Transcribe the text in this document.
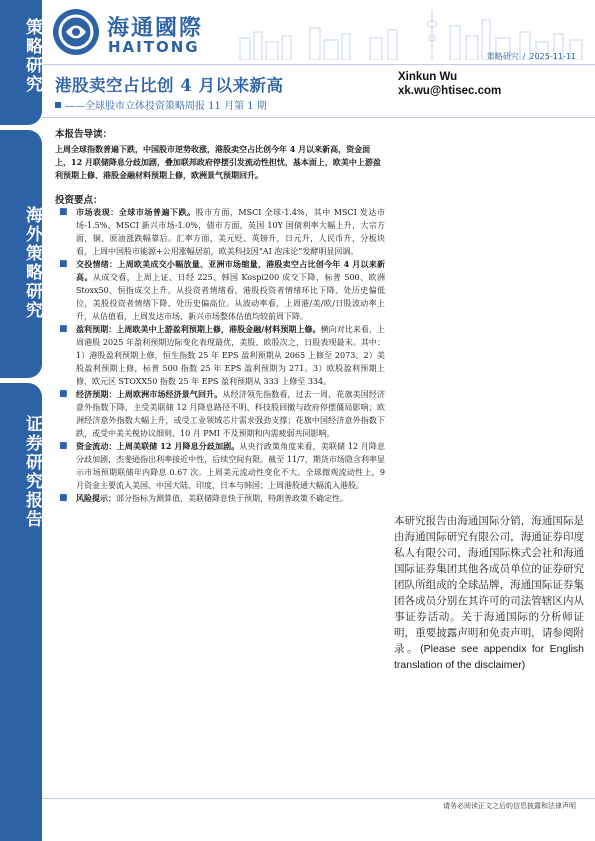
策略研究
海外策略研究
证券研究报告
海通國際
HAITONG
策略研究 / 2025-11-11
港股卖空占比创 4 月以来新高
——全球股市立体投资策略周报 11 月第 1 期
Xinkun Wu
xk.wu@htisec.com
本报告导读：
上周全球指数普遍下跌，中国股市逆势收涨，港股卖空占比创今年 4 月以来新高，资金面上，12 月联储降息分歧加剧，叠加联邦政府停摆引发流动性担忧，基本面上，欧美中上游盈利预期上修、港股金融材料预期上修，欧洲景气预期回升。
投资要点：
■ 市场表现：全球市场普遍下跌。股市方面，MSCI 全球-1.4%，其中 MSCI 发达市场-1.5%、MSCI 新兴市场-1.0%，债市方面，英国 10Y 国债利率大幅上升，大宗方面，铜、原油涨跌幅靠后。汇率方面，美元贬、英镑升，日元升，人民币升，分板块看，上周中国股市能源+公用涨幅居前，欧美科技因“AI 泡沫论”发酵明显回调。
■ 交投情绪：上周欧美成交小幅放量、亚洲市场缩量，港股卖空占比创今年 4 月以来新高。从成交看，上周上证、日经 225、韩国 Kospi200 成交下降，标普 500、欧洲 Stoxx50、恒指成交上升。从投资者情绪看，港股投资者情绪环比下降、处历史偏低位，美股投资者情绪下降、处历史偏高位。从波动率看，上周港/美/欧/日股波动率上升，从估值看，上周发达市场、新兴市场整体估值均较前周下降。
■ 盈利预期：上周欧美中上游盈利预期上修，港股金融/材料预期上修。横向对比来看，上周港股 2025 年盈利预期边际变化表现最优，美股、欧股次之，日股表现最末。其中：1）港股盈利预期上修，恒生指数 25 年 EPS 盈利预期从 2065 上修至 2073。2）美股盈利预期上修，标普 500 指数 25 年 EPS 盈利预期为 271。3）欧股盈利预期上修，欧元区 STOXX50 指数 25 年 EPS 盈利预期从 333 上修至 334。
■ 经济预期：上周欧洲市场经济景气回升。从经济领先指数看，过去一周，花旗美国经济意外指数下降，主受美联储 12 月降息路径不明、科技股回撤与政府停摆僵局影响；欧洲经济意外指数大幅上升，或受工业领域芯片需求强劲支撑；花旗中国经济意外指数下跌，或受中美关税协议细则、10 月 PMI 不及预期和内需疲弱共同影响。
■ 资金流动：上周美联储 12 月降息分歧加剧。从央行政策角度来看，美联储 12 月降息分歧加剧，杰斐逊指出利率接近中性，后续空间有限。截至 11/7，期货市场隐含利率显示市场预期联储年内降息 0.67 次。上周美元流动性变化不大。全球微观流动性上，9 月资金主要流入美国、中国大陆、印度、日本与韩国；上周港股通大幅流入港股。
■ 风险提示：部分指标为测算值，美联储降息快于预期，特朗普政策不确定性。
本研究报告由海通国际分销，海通国际是由海通国际研究有限公司，海通证券印度私人有限公司，海通国际株式会社和海通国际证券集团其他各成员单位的证券研究团队所组成的全球品牌，海通国际证券集团各成员分别在其许可的司法管辖区内从事证券活动。关于海通国际的分析师证明，重要披露声明和免责声明，请参阅附录。(Please see appendix for English translation of the disclaimer)
请务必阅读正文之后的信息披露和法律声明
